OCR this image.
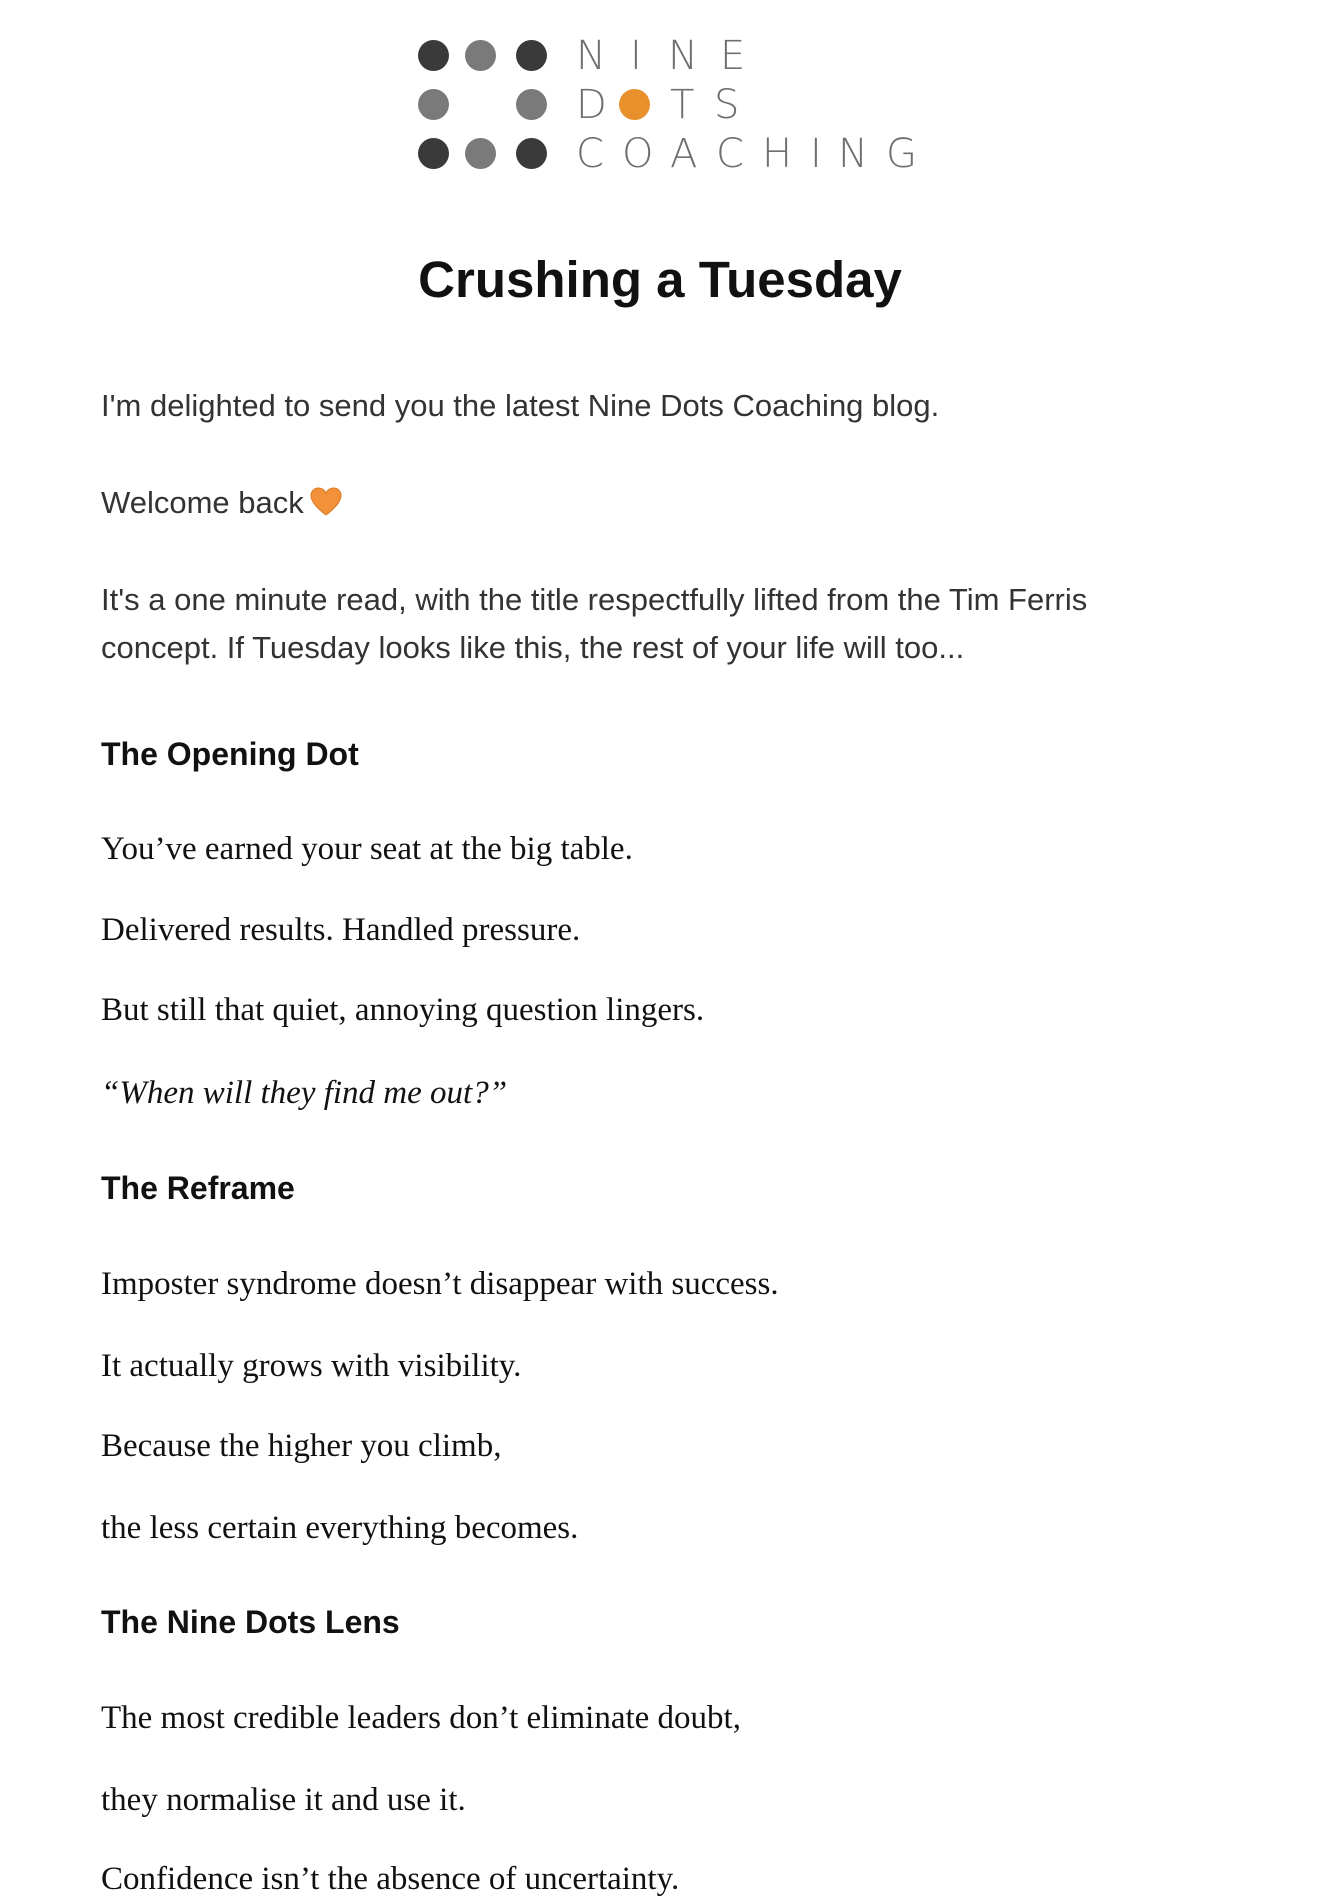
N I N E
D T S
C O A C H I N G
Crushing a Tuesday

I'm delighted to send you the latest Nine Dots Coaching blog.

Welcome back

It's a one minute read, with the title respectfully lifted from the Tim Ferris concept. If Tuesday looks like this, the rest of your life will too...

The Opening Dot

You’ve earned your seat at the big table.

Delivered results. Handled pressure.

But still that quiet, annoying question lingers.

“When will they find me out?”

The Reframe

Imposter syndrome doesn’t disappear with success.

It actually grows with visibility.

Because the higher you climb,

the less certain everything becomes.

The Nine Dots Lens

The most credible leaders don’t eliminate doubt,

they normalise it and use it.

Confidence isn’t the absence of uncertainty.
